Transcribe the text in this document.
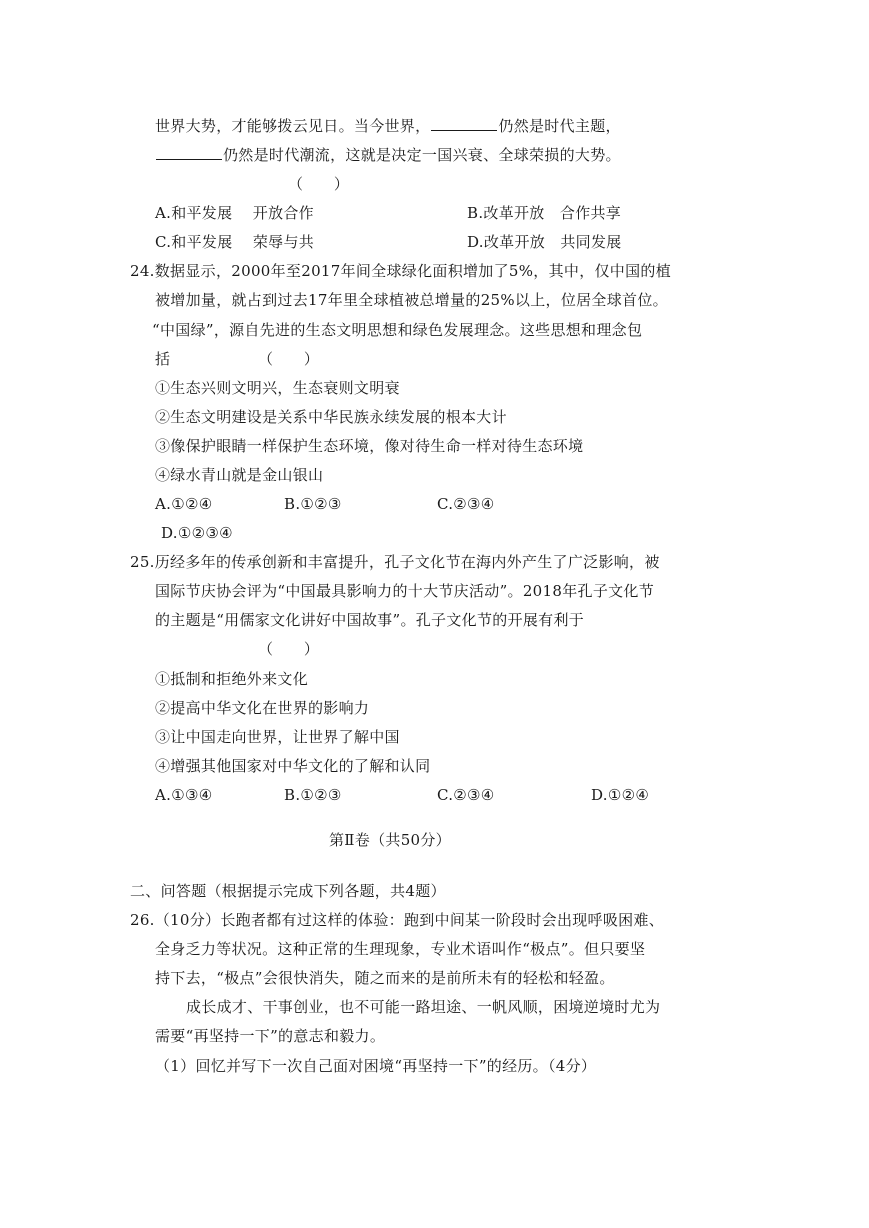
世界大势，才能够拨云见日。当今世界，	仍然是时代主题，
仍然是时代潮流，这就是决定一国兴衰、全球荣损的大势。
（　　）
A.和平发展　 开放合作	B.改革开放　合作共享
C.和平发展　 荣辱与共	D.改革开放　共同发展
24.数据显示，2000年至2017年间全球绿化面积增加了5%，其中，仅中国的植
被增加量，就占到过去17年里全球植被总增量的25%以上，位居全球首位。
“中国绿”，源自先进的生态文明思想和绿色发展理念。这些思想和理念包
括	（　　）
①生态兴则文明兴，生态衰则文明衰
②生态文明建设是关系中华民族永续发展的根本大计
③像保护眼睛一样保护生态环境，像对待生命一样对待生态环境
④绿水青山就是金山银山
A.①②④	B.①②③	C.②③④
D.①②③④
25.历经多年的传承创新和丰富提升，孔子文化节在海内外产生了广泛影响，被
国际节庆协会评为“中国最具影响力的十大节庆活动”。2018年孔子文化节
的主题是“用儒家文化讲好中国故事”。孔子文化节的开展有利于
（　　）
①抵制和拒绝外来文化
②提高中华文化在世界的影响力
③让中国走向世界，让世界了解中国
④增强其他国家对中华文化的了解和认同
A.①③④	B.①②③	C.②③④	D.①②④
第Ⅱ卷（共50分）
二、问答题（根据提示完成下列各题，共4题）
26.（10分）长跑者都有过这样的体验：跑到中间某一阶段时会出现呼吸困难、
全身乏力等状况。这种正常的生理现象，专业术语叫作“极点”。但只要坚
持下去，“极点”会很快消失，随之而来的是前所未有的轻松和轻盈。
成长成才、干事创业，也不可能一路坦途、一帆风顺，困境逆境时尤为
需要“再坚持一下”的意志和毅力。
（1）回忆并写下一次自己面对困境“再坚持一下”的经历。（4分）
